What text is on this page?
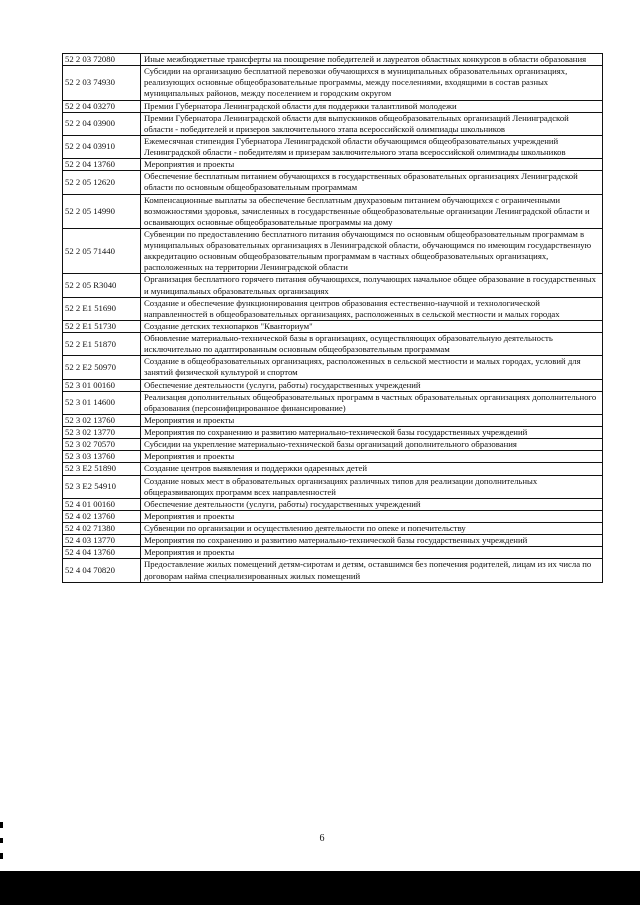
52 2 03 72080	Иные межбюджетные трансферты на поощрение победителей и лауреатов областных конкурсов в области образования
52 2 03 74930	Субсидии на организацию бесплатной перевозки обучающихся в муниципальных образовательных организациях, реализующих основные общеобразовательные программы, между поселениями, входящими в состав разных муниципальных районов, между поселением и городским округом
52 2 04 03270	Премии Губернатора Ленинградской области для поддержки талантливой молодежи
52 2 04 03900	Премии Губернатора Ленинградской области для выпускников общеобразовательных организаций Ленинградской области - победителей и призеров заключительного этапа всероссийской олимпиады школьников
52 2 04 03910	Ежемесячная стипендия Губернатора Ленинградской области обучающимся общеобразовательных учреждений Ленинградской области - победителям и призерам заключительного этапа всероссийской олимпиады школьников
52 2 04 13760	Мероприятия и проекты
52 2 05 12620	Обеспечение бесплатным питанием обучающихся в государственных образовательных организациях Ленинградской области по основным общеобразовательным программам
52 2 05 14990	Компенсационные выплаты за обеспечение бесплатным двухразовым питанием обучающихся с ограниченными возможностями здоровья, зачисленных в государственные общеобразовательные организации Ленинградской области и осваивающих основные общеобразовательные программы на дому
52 2 05 71440	Субвенции по предоставлению бесплатного питания обучающимся по основным общеобразовательным программам в муниципальных образовательных организациях в Ленинградской области, обучающимся по имеющим государственную аккредитацию основным общеобразовательным программам в частных общеобразовательных организациях, расположенных на территории Ленинградской области
52 2 05 R3040	Организация бесплатного горячего питания обучающихся, получающих начальное общее образование в государственных и муниципальных образовательных организациях
52 2 E1 51690	Создание и обеспечение функционирования центров образования естественно-научной и технологической направленностей в общеобразовательных организациях, расположенных в сельской местности и малых городах
52 2 E1 51730	Создание детских технопарков "Кванториум"
52 2 E1 51870	Обновление материально-технической базы в организациях, осуществляющих образовательную деятельность исключительно по адаптированным основным общеобразовательным программам
52 2 E2 50970	Создание в общеобразовательных организациях, расположенных в сельской местности и малых городах, условий для занятий физической культурой и спортом
52 3 01 00160	Обеспечение деятельности (услуги, работы) государственных учреждений
52 3 01 14600	Реализация дополнительных общеобразовательных программ в частных образовательных организациях дополнительного образования (персонифицированное финансирование)
52 3 02 13760	Мероприятия и проекты
52 3 02 13770	Мероприятия по сохранению и развитию материально-технической базы государственных учреждений
52 3 02 70570	Субсидии на укрепление материально-технической базы организаций дополнительного образования
52 3 03 13760	Мероприятия и проекты
52 3 E2 51890	Создание центров выявления и поддержки одаренных детей
52 3 E2 54910	Создание новых мест в образовательных организациях различных типов для реализации дополнительных общеразвивающих программ всех направленностей
52 4 01 00160	Обеспечение деятельности (услуги, работы) государственных учреждений
52 4 02 13760	Мероприятия и проекты
52 4 02 71380	Субвенции по организации и осуществлению деятельности по опеке и попечительству
52 4 03 13770	Мероприятия по сохранению и развитию материально-технической базы государственных учреждений
52 4 04 13760	Мероприятия и проекты
52 4 04 70820	Предоставление жилых помещений детям-сиротам и детям, оставшимся без попечения родителей, лицам из их числа по договорам найма специализированных жилых помещений
6
